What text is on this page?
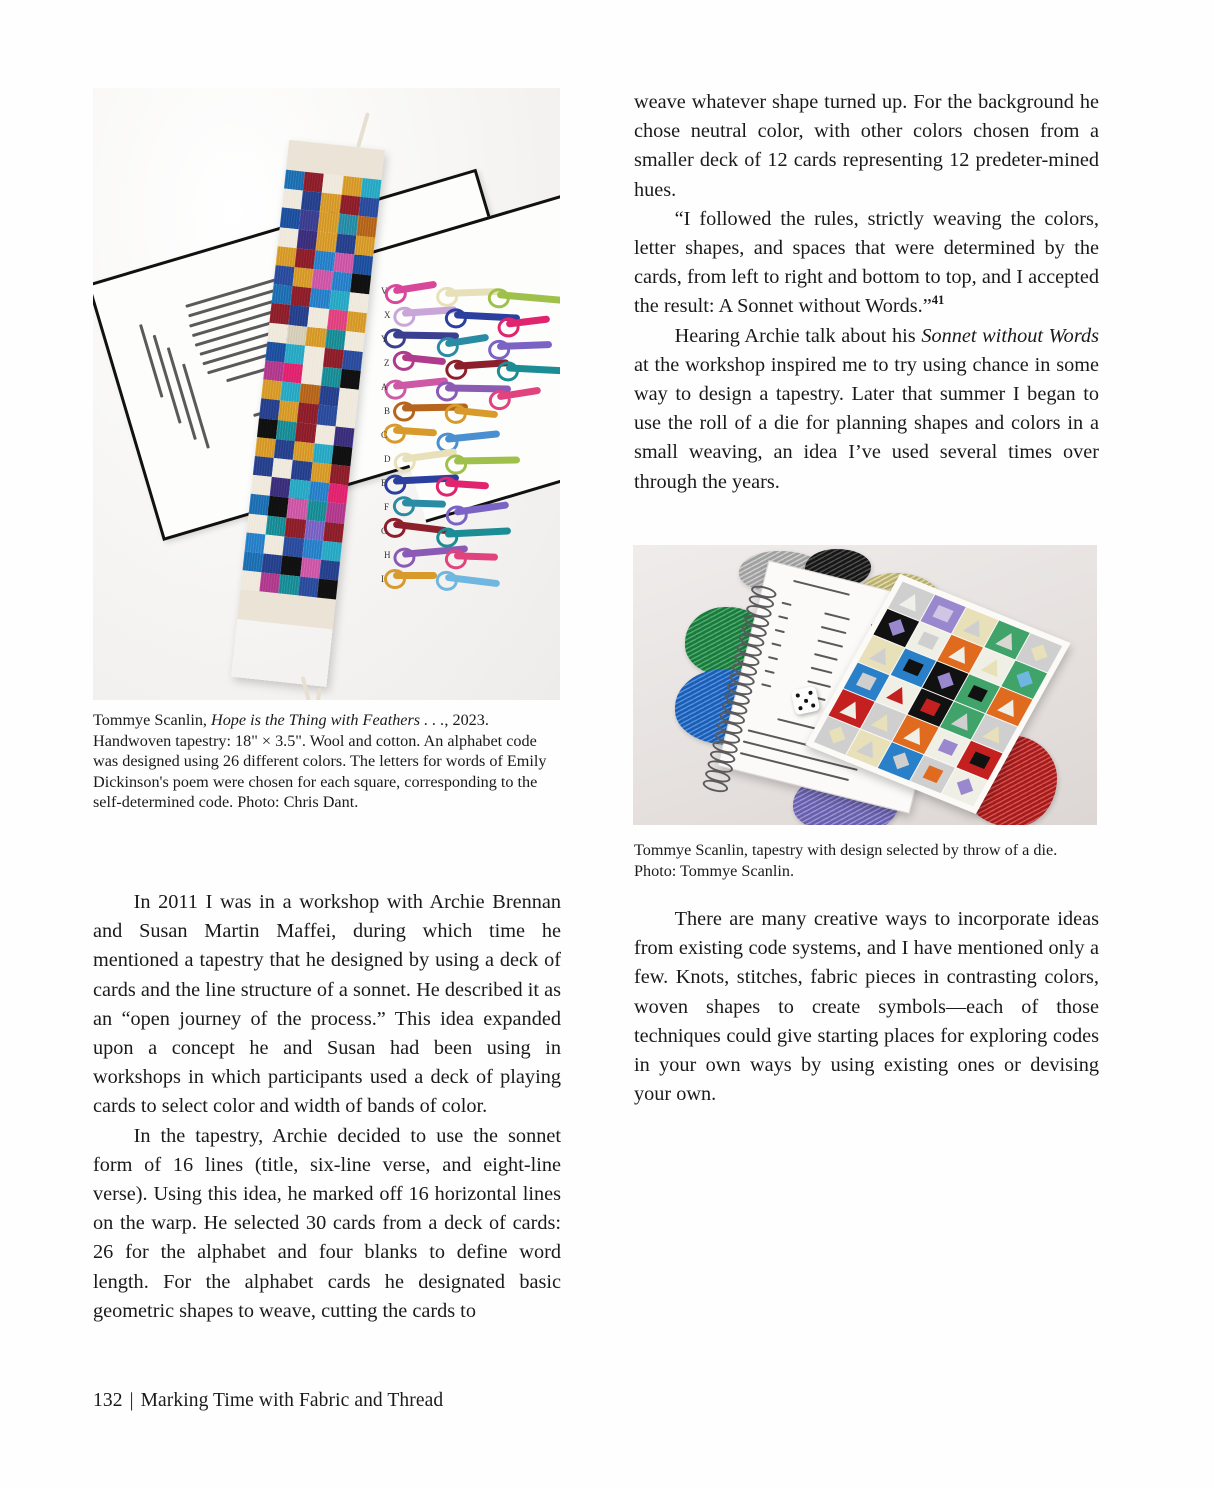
V
X
Y
Z
A
B
C
D
E
F
G
H
I

Tommye Scanlin, Hope is the Thing with Feathers . . ., 2023. Handwoven tapestry: 18" × 3.5". Wool and cotton. An alphabet code was designed using 26 different colors. The letters for words of Emily Dickinson's poem were chosen for each square, corresponding to the self-determined code. Photo: Chris Dant.

In 2011 I was in a workshop with Archie Brennan and Susan Martin Maffei, during which time he mentioned a tapestry that he designed by using a deck of cards and the line structure of a sonnet. He described it as an “open journey of the process.” This idea expanded upon a concept he and Susan had been using in workshops in which participants used a deck of playing cards to select color and width of bands of color.

In the tapestry, Archie decided to use the sonnet form of 16 lines (title, six-line verse, and eight-line verse). Using this idea, he marked off 16 horizontal lines on the warp. He selected 30 cards from a deck of cards: 26 for the alphabet and four blanks to define word length. For the alphabet cards he designated basic geometric shapes to weave, cutting the cards to

weave whatever shape turned up. For the background he chose neutral color, with other colors chosen from a smaller deck of 12 cards representing 12 predeter-mined hues.

“I followed the rules, strictly weaving the colors, letter shapes, and spaces that were determined by the cards, from left to right and bottom to top, and I accepted the result: A Sonnet without Words.”$^{41}$

Hearing Archie talk about his Sonnet without Words at the workshop inspired me to try using chance in some way to design a tapestry. Later that summer I began to use the roll of a die for planning shapes and colors in a small weaving, an idea I’ve used several times over through the years.

Tommye Scanlin, tapestry with design selected by throw of a die. Photo: Tommye Scanlin.

There are many creative ways to incorporate ideas from existing code systems, and I have mentioned only a few. Knots, stitches, fabric pieces in contrasting colors, woven shapes to create symbols—each of those techniques could give starting places for exploring codes in your own ways by using existing ones or devising your own.

132 | Marking Time with Fabric and Thread
